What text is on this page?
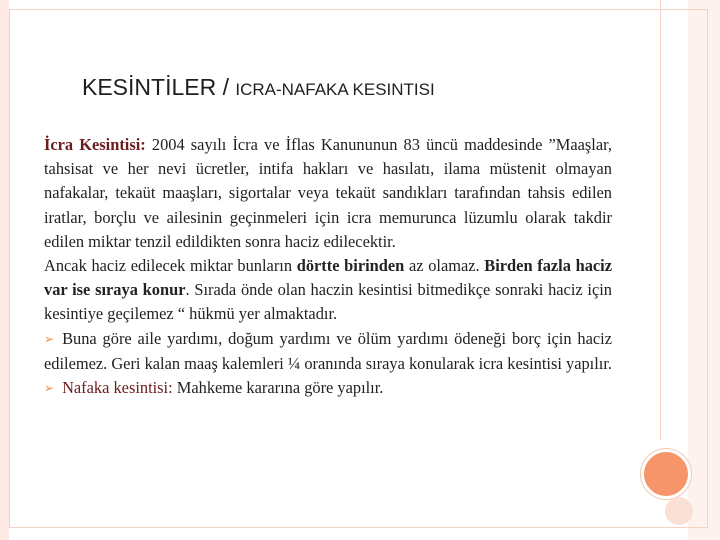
KESİNTİLER / ICRA-NAFAKA KESINTISI

İcra Kesintisi: 2004 sayılı İcra ve İflas Kanununun 83 üncü maddesinde ”Maaşlar, tahsisat ve her nevi ücretler, intifa hakları ve hasılatı, ilama müstenit olmayan nafakalar, tekaüt maaşları, sigortalar veya tekaüt sandıkları tarafından tahsis edilen iratlar, borçlu ve ailesinin geçinmeleri için icra memurunca lüzumlu olarak takdir edilen miktar tenzil edildikten sonra haciz edilecektir.

Ancak haciz edilecek miktar bunların dörtte birinden az olamaz. Birden fazla haciz var ise sıraya konur. Sırada önde olan haczin kesintisi bitmedikçe sonraki haciz için kesintiye geçilemez “ hükmü yer almaktadır.

➢ Buna göre aile yardımı, doğum yardımı ve ölüm yardımı ödeneği borç için haciz edilemez. Geri kalan maaş kalemleri ¼ oranında sıraya konularak icra kesintisi yapılır.

➢ Nafaka kesintisi: Mahkeme kararına göre yapılır.
